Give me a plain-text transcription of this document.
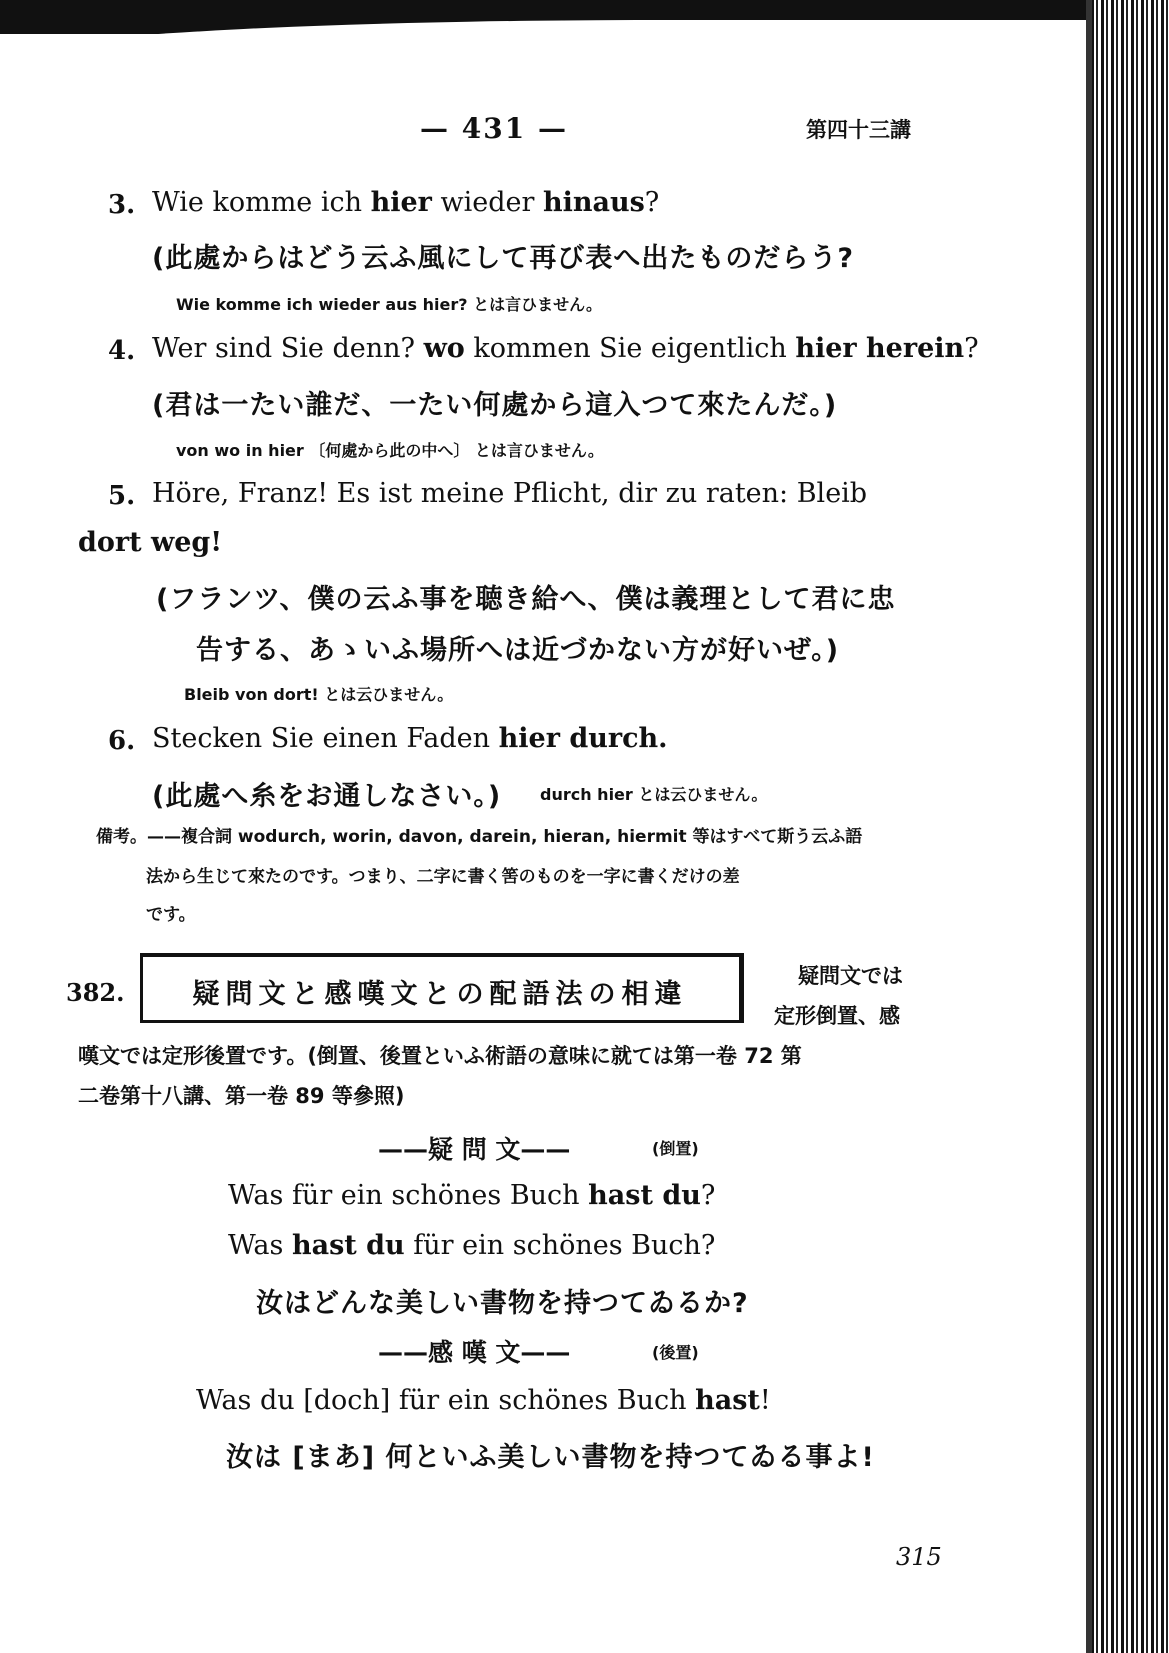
— 431 —	第四十三講
3. Wie komme ich hier wieder hinaus?
(此處からはどう云ふ風にして再び表へ出たものだらう?
Wie komme ich wieder aus hier? とは言ひません。
4. Wer sind Sie denn? wo kommen Sie eigentlich hier herein?
(君は一たい誰だ、一たい何處から這入つて來たんだ。)
von wo in hier 〔何處から此の中へ〕 とは言ひません。
5. Höre, Franz! Es ist meine Pflicht, dir zu raten: Bleib
dort weg!
(フランツ、僕の云ふ事を聴き給へ、僕は義理として君に忠
告する、あゝいふ場所へは近づかない方が好いぜ。)
Bleib von dort! とは云ひません。
6. Stecken Sie einen Faden hier durch.
(此處へ糸をお通しなさい。) durch hier とは云ひません。
備考。——複合詞 wodurch, worin, davon, darein, hieran, hiermit 等はすべて斯う云ふ語
法から生じて來たのです。つまり、二字に書く筈のものを一字に書くだけの差
です。
382.	疑問文と感嘆文との配語法の相違
疑問文では
定形倒置、感
嘆文では定形後置です。(倒置、後置といふ術語の意味に就ては第一卷 72 第
二卷第十八講、第一卷 89 等參照)
——疑 問 文——	(倒置)
Was für ein schönes Buch hast du?
Was hast du für ein schönes Buch?
汝はどんな美しい書物を持つてゐるか?
——感 嘆 文——	(後置)
Was du [doch] für ein schönes Buch hast!
汝は [まあ] 何といふ美しい書物を持つてゐる事よ!
315
